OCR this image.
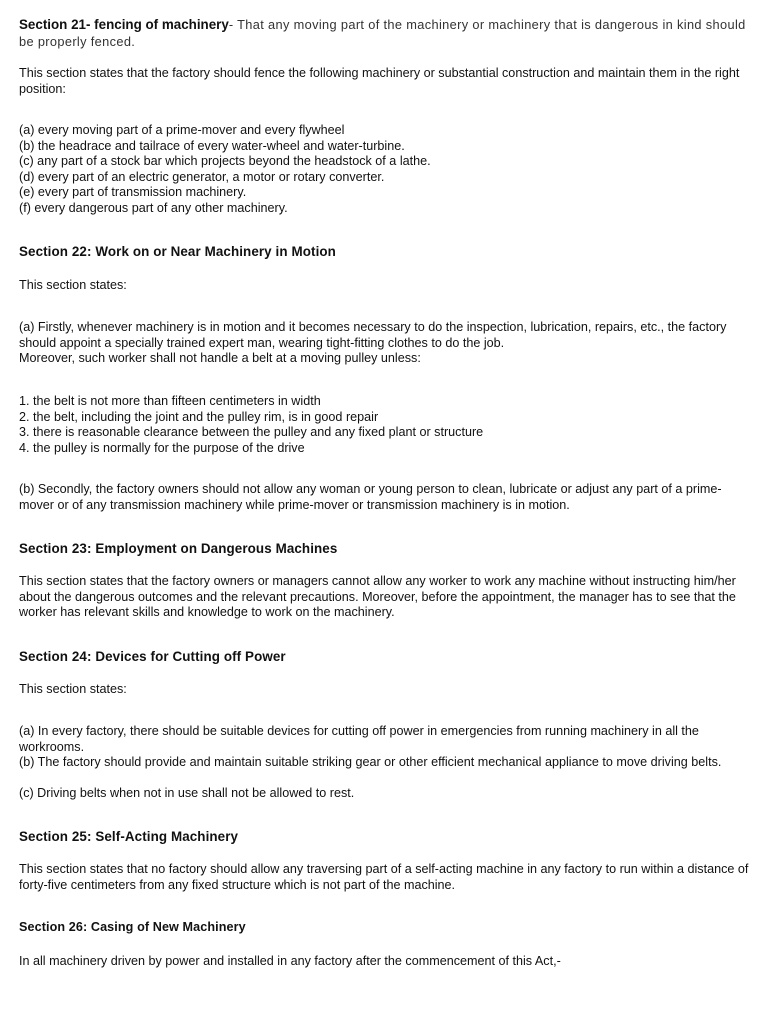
Section 21- fencing of machinery- That any moving part of the machinery or machinery that is dangerous in kind should be properly fenced.

This section states that the factory should fence the following machinery or substantial construction and maintain them in the right position:

(a) every moving part of a prime-mover and every flywheel
(b) the headrace and tailrace of every water-wheel and water-turbine.
(c) any part of a stock bar which projects beyond the headstock of a lathe.
(d) every part of an electric generator, a motor or rotary converter.
(e) every part of transmission machinery.
(f) every dangerous part of any other machinery.

Section 22: Work on or Near Machinery in Motion

This section states:

(a) Firstly, whenever machinery is in motion and it becomes necessary to do the inspection, lubrication, repairs, etc., the factory should appoint a specially trained expert man, wearing tight-fitting clothes to do the job.

Moreover, such worker shall not handle a belt at a moving pulley unless:

1. the belt is not more than fifteen centimeters in width
2. the belt, including the joint and the pulley rim, is in good repair
3. there is reasonable clearance between the pulley and any fixed plant or structure
4. the pulley is normally for the purpose of the drive

(b) Secondly, the factory owners should not allow any woman or young person to clean, lubricate or adjust any part of a prime-mover or of any transmission machinery while prime-mover or transmission machinery is in motion.

Section 23: Employment on Dangerous Machines

This section states that the factory owners or managers cannot allow any worker to work any machine without instructing him/her about the dangerous outcomes and the relevant precautions. Moreover, before the appointment, the manager has to see that the worker has relevant skills and knowledge to work on the machinery.

Section 24: Devices for Cutting off Power

This section states:

(a) In every factory, there should be suitable devices for cutting off power in emergencies from running machinery in all the workrooms.

(b) The factory should provide and maintain suitable striking gear or other efficient mechanical appliance to move driving belts.

(c) Driving belts when not in use shall not be allowed to rest.

Section 25: Self-Acting Machinery

This section states that no factory should allow any traversing part of a self-acting machine in any factory to run within a distance of forty-five centimeters from any fixed structure which is not part of the machine.

Section 26: Casing of New Machinery

In all machinery driven by power and installed in any factory after the commencement of this Act,-
